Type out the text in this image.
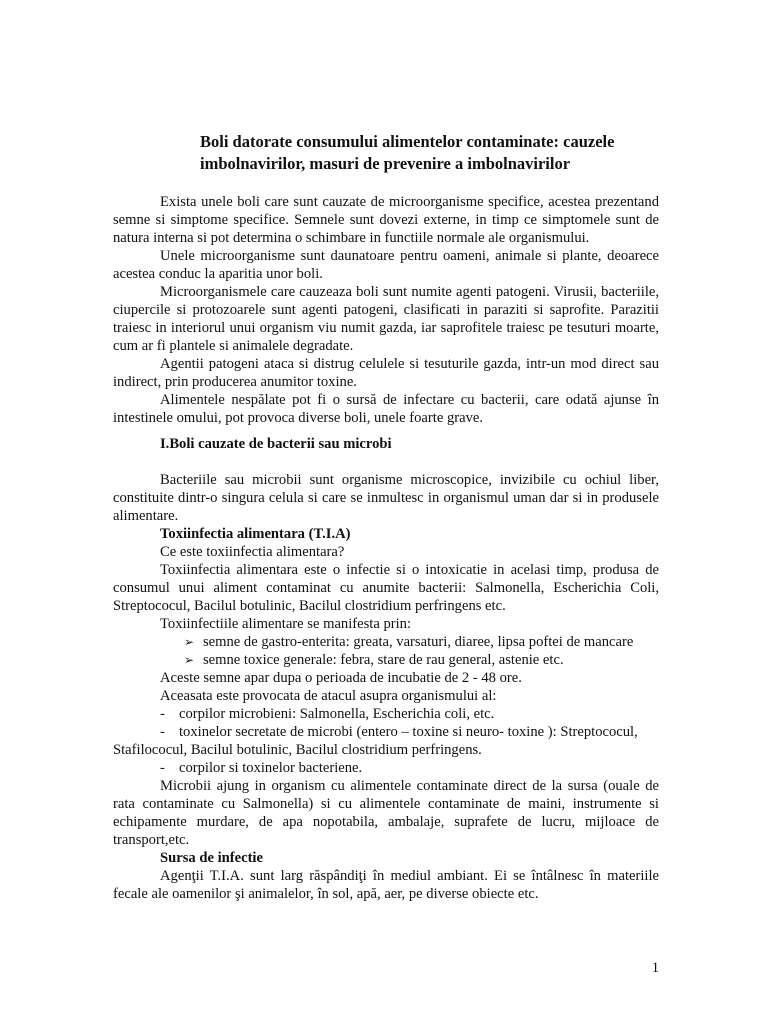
Boli datorate consumului alimentelor contaminate: cauzele imbolnavirilor, masuri de prevenire a imbolnavirilor

Exista unele boli care sunt cauzate de microorganisme specifice, acestea prezentand semne si simptome specifice. Semnele sunt dovezi externe, in timp ce simptomele sunt de natura interna si pot determina o schimbare in functiile normale ale organismului.

Unele microorganisme sunt daunatoare pentru oameni, animale si plante, deoarece acestea conduc la aparitia unor boli.

Microorganismele care cauzeaza boli sunt numite agenti patogeni. Virusii, bacteriile, ciupercile si protozoarele sunt agenti patogeni, clasificati in paraziti si saprofite. Parazitii traiesc in interiorul unui organism viu numit gazda, iar saprofitele traiesc pe tesuturi moarte, cum ar fi plantele si animalele degradate.

Agentii patogeni ataca si distrug celulele si tesuturile gazda, intr-un mod direct sau indirect, prin producerea anumitor toxine.

Alimentele nespălate pot fi o sursă de infectare cu bacterii, care odată ajunse în intestinele omului, pot provoca diverse boli, unele foarte grave.

I.Boli cauzate de bacterii sau microbi

Bacteriile sau microbii sunt organisme microscopice, invizibile cu ochiul liber, constituite dintr-o singura celula si care se inmultesc in organismul uman dar si in produsele alimentare.

Toxiinfectia alimentara (T.I.A)

Ce este toxiinfectia alimentara?

Toxiinfectia alimentara este o infectie si o intoxicatie in acelasi timp, produsa de consumul unui aliment contaminat cu anumite bacterii: Salmonella, Escherichia Coli, Streptococul, Bacilul botulinic, Bacilul clostridium perfringens etc.

Toxiinfectiile alimentare se manifesta prin:

➢ semne de gastro-enterita: greata, varsaturi, diaree, lipsa poftei de mancare
➢ semne toxice generale: febra, stare de rau general, astenie etc.

Aceste semne apar dupa o perioada de incubatie de 2 - 48 ore.

Aceasata este provocata de atacul asupra organismului al:

- corpilor microbieni: Salmonella, Escherichia coli, etc.
- toxinelor secretate de microbi (entero – toxine si neuro- toxine ): Streptococul, Stafilococul, Bacilul botulinic, Bacilul clostridium perfringens.
- corpilor si toxinelor bacteriene.

Microbii ajung in organism cu alimentele contaminate direct de la sursa (ouale de rata contaminate cu Salmonella) si cu alimentele contaminate de maini, instrumente si echipamente murdare, de apa nopotabila, ambalaje, suprafete de lucru, mijloace de transport,etc.

Sursa de infectie

Agenţii T.I.A. sunt larg răspândiţi în mediul ambiant. Ei se întâlnesc în materiile fecale ale oamenilor şi animalelor, în sol, apă, aer, pe diverse obiecte etc.

1
